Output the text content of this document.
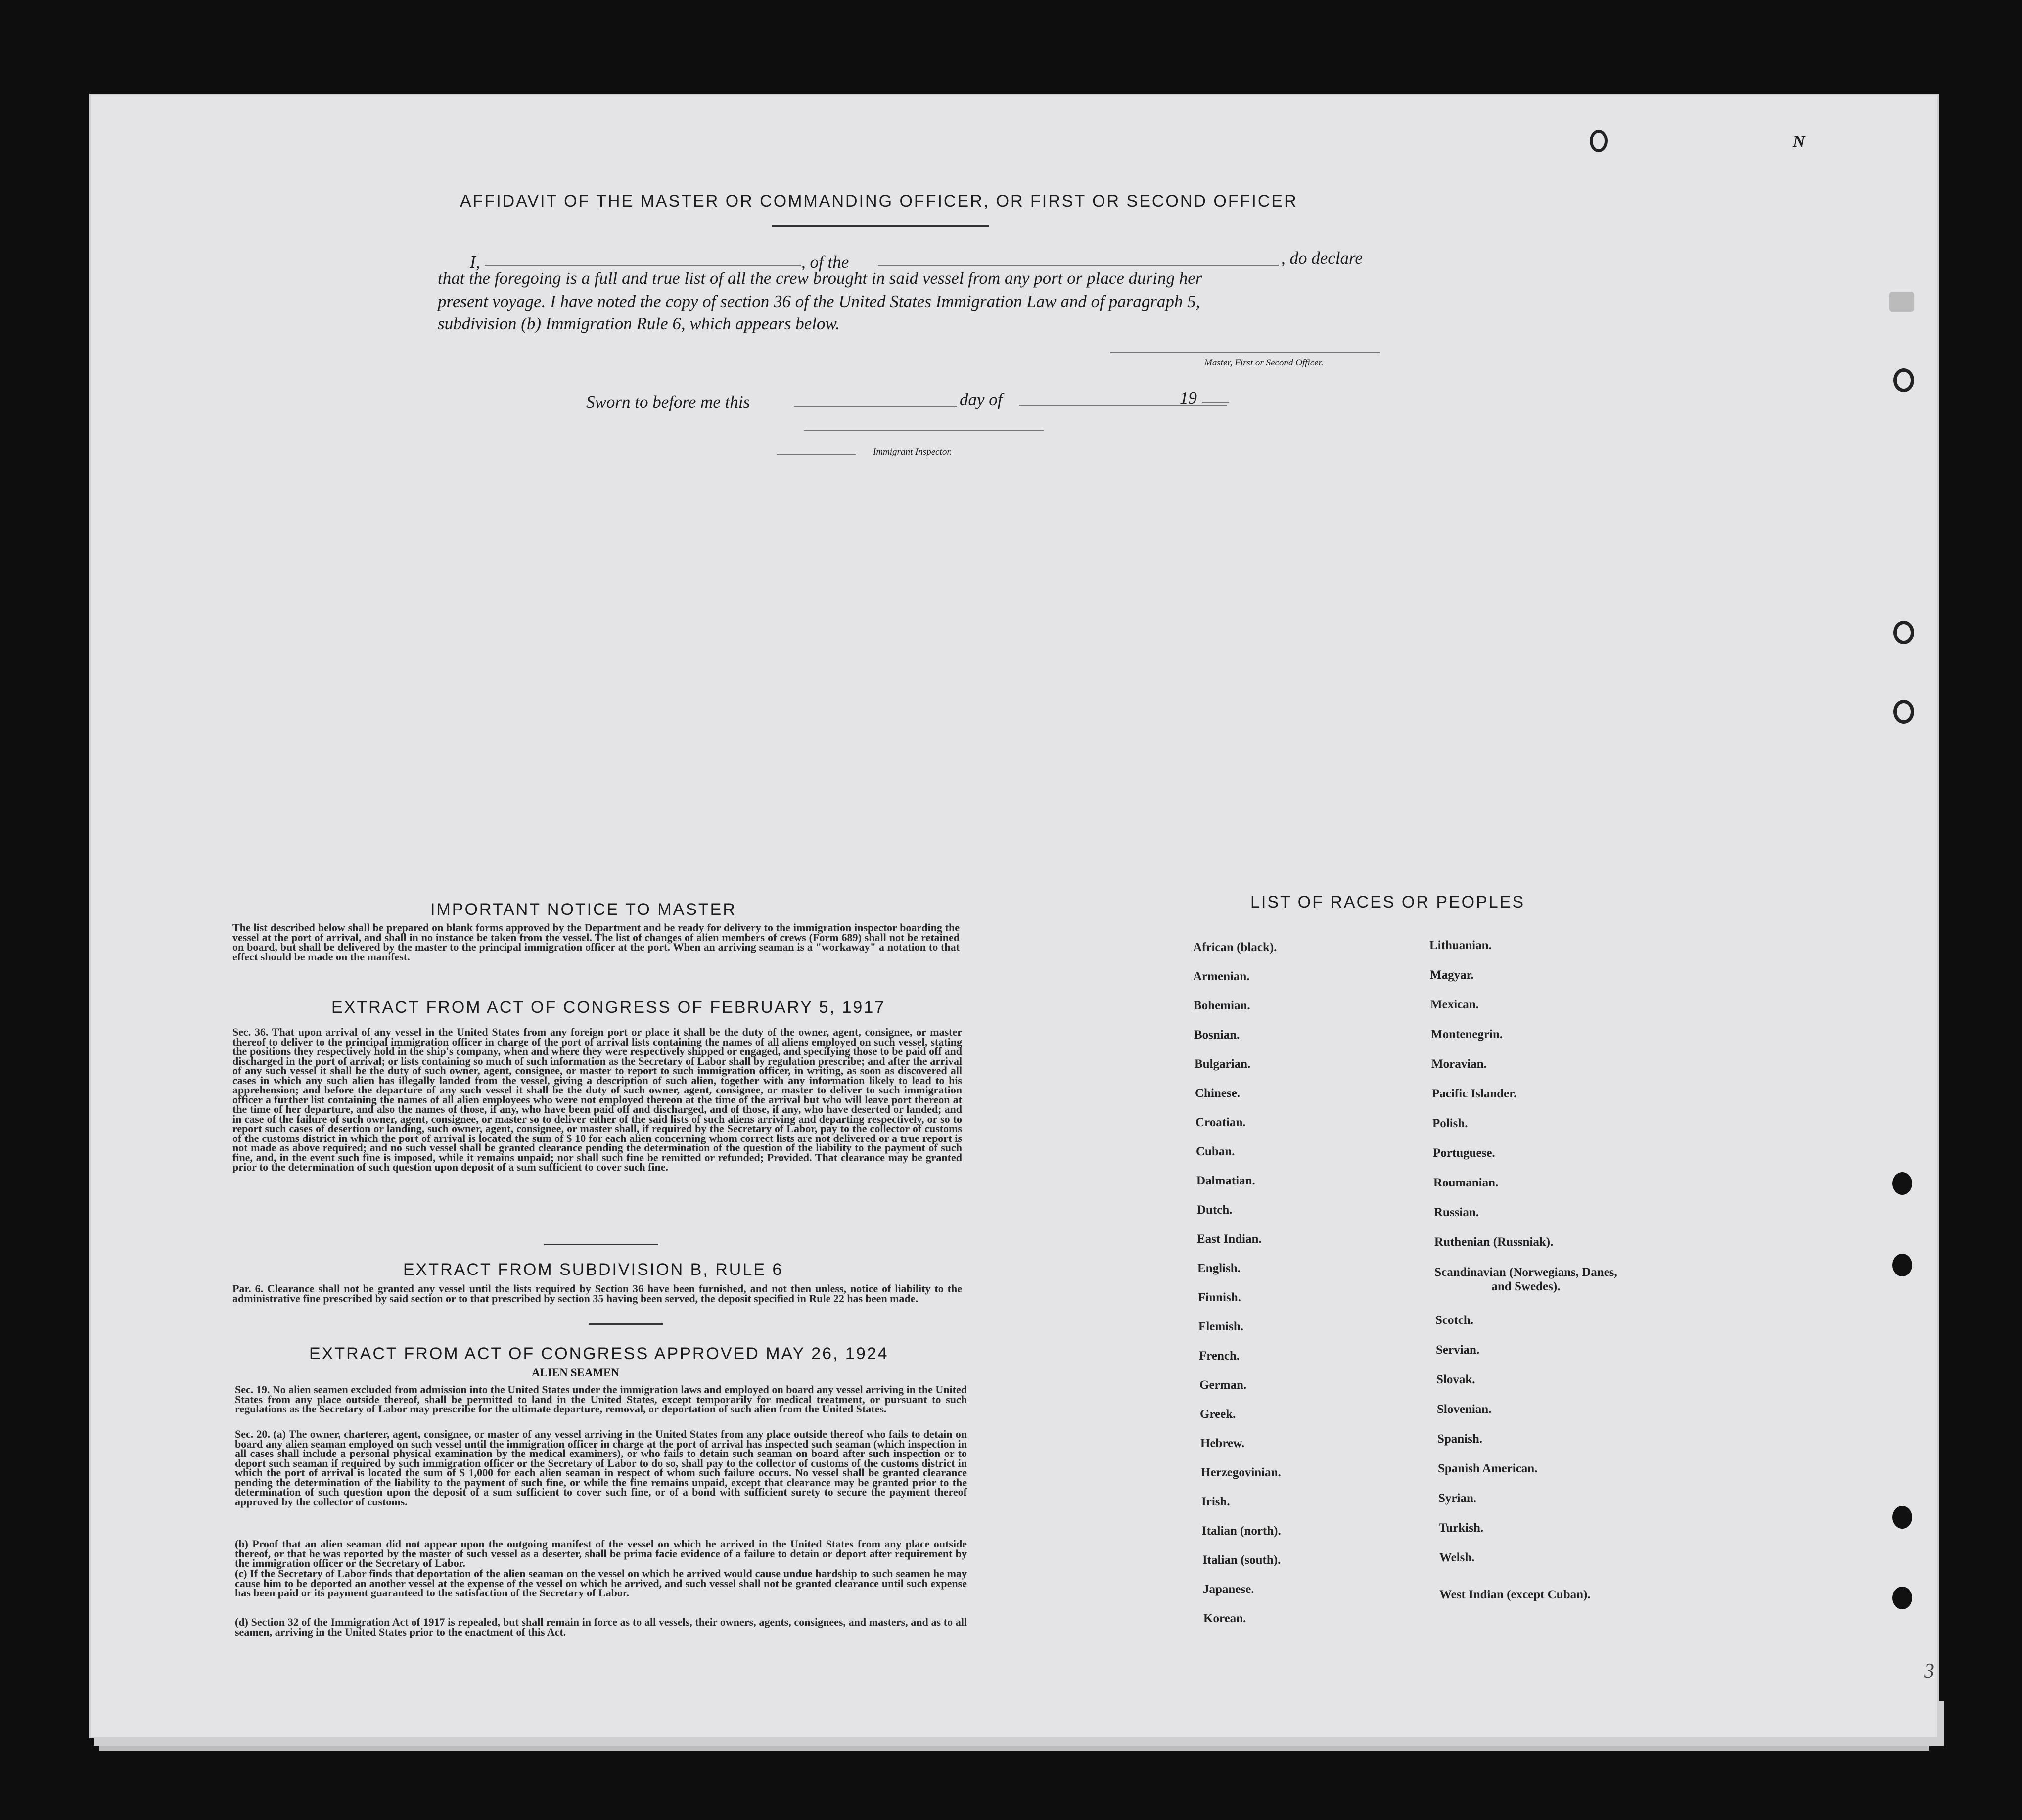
N
AFFIDAVIT OF THE MASTER OR COMMANDING OFFICER, OR FIRST OR SECOND OFFICER
I,	, of the	, do declare
that the foregoing is a full and true list of all the crew brought in said vessel from any port or place during her
present voyage. I have noted the copy of section 36 of the United States Immigration Law and of paragraph 5,
subdivision (b) Immigration Rule 6, which appears below.
Master, First or Second Officer.
Sworn to before me this	day of	19
Immigrant Inspector.
IMPORTANT NOTICE TO MASTER
The list described below shall be prepared on blank forms approved by the Department and be ready for delivery to the immigration inspector boarding the vessel at the port of arrival, and shall in no instance be taken from the vessel. The list of changes of alien members of crews (Form 689) shall not be retained on board, but shall be delivered by the master to the principal immigration officer at the port. When an arriving seaman is a "workaway" a notation to that effect should be made on the manifest.
EXTRACT FROM ACT OF CONGRESS OF FEBRUARY 5, 1917
Sec. 36. That upon arrival of any vessel in the United States from any foreign port or place it shall be the duty of the owner, agent, consignee, or master thereof to deliver to the principal immigration officer in charge of the port of arrival lists containing the names of all aliens employed on such vessel, stating the positions they respectively hold in the ship's company, when and where they were respectively shipped or engaged, and specifying those to be paid off and discharged in the port of arrival; or lists containing so much of such information as the Secretary of Labor shall by regulation prescribe; and after the arrival of any such vessel it shall be the duty of such owner, agent, consignee, or master to report to such immigration officer, in writing, as soon as discovered all cases in which any such alien has illegally landed from the vessel, giving a description of such alien, together with any information likely to lead to his apprehension; and before the departure of any such vessel it shall be the duty of such owner, agent, consignee, or master to deliver to such immigration officer a further list containing the names of all alien employees who were not employed thereon at the time of the arrival but who will leave port thereon at the time of her departure, and also the names of those, if any, who have been paid off and discharged, and of those, if any, who have deserted or landed; and in case of the failure of such owner, agent, consignee, or master so to deliver either of the said lists of such aliens arriving and departing respectively, or so to report such cases of desertion or landing, such owner, agent, consignee, or master shall, if required by the Secretary of Labor, pay to the collector of customs of the customs district in which the port of arrival is located the sum of $ 10 for each alien concerning whom correct lists are not delivered or a true report is not made as above required; and no such vessel shall be granted clearance pending the determination of the question of the liability to the payment of such fine, and, in the event such fine is imposed, while it remains unpaid; nor shall such fine be remitted or refunded; Provided. That clearance may be granted prior to the determination of such question upon deposit of a sum sufficient to cover such fine.
EXTRACT FROM SUBDIVISION B, RULE 6
Par. 6. Clearance shall not be granted any vessel until the lists required by Section 36 have been furnished, and not then unless, notice of liability to the administrative fine prescribed by said section or to that prescribed by section 35 having been served, the deposit specified in Rule 22 has been made.
EXTRACT FROM ACT OF CONGRESS APPROVED MAY 26, 1924
ALIEN SEAMEN
Sec. 19. No alien seamen excluded from admission into the United States under the immigration laws and employed on board any vessel arriving in the United States from any place outside thereof, shall be permitted to land in the United States, except temporarily for medical treatment, or pursuant to such regulations as the Secretary of Labor may prescribe for the ultimate departure, removal, or deportation of such alien from the United States.
Sec. 20. (a) The owner, charterer, agent, consignee, or master of any vessel arriving in the United States from any place outside thereof who fails to detain on board any alien seaman employed on such vessel until the immigration officer in charge at the port of arrival has inspected such seaman (which inspection in all cases shall include a personal physical examination by the medical examiners), or who fails to detain such seaman on board after such inspection or to deport such seaman if required by such immigration officer or the Secretary of Labor to do so, shall pay to the collector of customs of the customs district in which the port of arrival is located the sum of $ 1,000 for each alien seaman in respect of whom such failure occurs. No vessel shall be granted clearance pending the determination of the liability to the payment of such fine, or while the fine remains unpaid, except that clearance may be granted prior to the determination of such question upon the deposit of a sum sufficient to cover such fine, or of a bond with sufficient surety to secure the payment thereof approved by the collector of customs.
(b) Proof that an alien seaman did not appear upon the outgoing manifest of the vessel on which he arrived in the United States from any place outside thereof, or that he was reported by the master of such vessel as a deserter, shall be prima facie evidence of a failure to detain or deport after requirement by the immigration officer or the Secretary of Labor.
(c) If the Secretary of Labor finds that deportation of the alien seaman on the vessel on which he arrived would cause undue hardship to such seamen he may cause him to be deported an another vessel at the expense of the vessel on which he arrived, and such vessel shall not be granted clearance until such expense has been paid or its payment guaranteed to the satisfaction of the Secretary of Labor.
(d) Section 32 of the Immigration Act of 1917 is repealed, but shall remain in force as to all vessels, their owners, agents, consignees, and masters, and as to all seamen, arriving in the United States prior to the enactment of this Act.
LIST OF RACES OR PEOPLES
African (black).
Armenian.
Bohemian.
Bosnian.
Bulgarian.
Chinese.
Croatian.
Cuban.
Dalmatian.
Dutch.
East Indian.
English.
Finnish.
Flemish.
French.
German.
Greek.
Hebrew.
Herzegovinian.
Irish.
Italian (north).
Italian (south).
Japanese.
Korean.
Lithuanian.
Magyar.
Mexican.
Montenegrin.
Moravian.
Pacific Islander.
Polish.
Portuguese.
Roumanian.
Russian.
Ruthenian (Russniak).
Scandinavian (Norwegians, Danes, and Swedes).
Scotch.
Servian.
Slovak.
Slovenian.
Spanish.
Spanish American.
Syrian.
Turkish.
Welsh.
West Indian (except Cuban).
3
